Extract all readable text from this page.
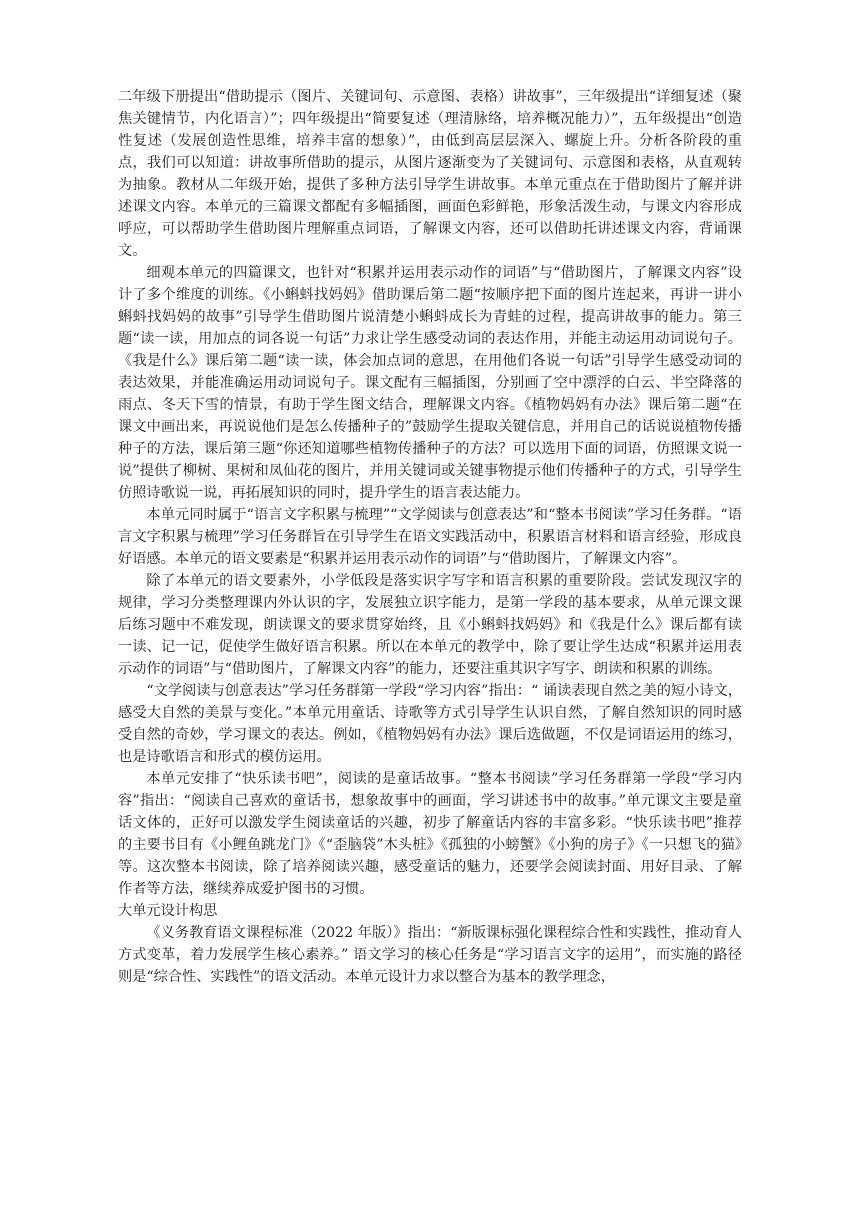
二年级下册提出“借助提示（图片、关键词句、示意图、表格）讲故事”，三年级提出“详细复述（聚焦关键情节，内化语言）”；四年级提出“简要复述（理清脉络，培养概况能力）”，五年级提出“创造性复述（发展创造性思维，培养丰富的想象）”，由低到高层层深入、螺旋上升。分析各阶段的重点，我们可以知道：讲故事所借助的提示，从图片逐渐变为了关键词句、示意图和表格，从直观转为抽象。教材从二年级开始，提供了多种方法引导学生讲故事。本单元重点在于借助图片了解并讲述课文内容。本单元的三篇课文都配有多幅插图，画面色彩鲜艳，形象活泼生动，与课文内容形成呼应，可以帮助学生借助图片理解重点词语，了解课文内容，还可以借助托讲述课文内容，背诵课文。

细观本单元的四篇课文，也针对“积累并运用表示动作的词语”与“借助图片，了解课文内容”设计了多个维度的训练。《小蝌蚪找妈妈》借助课后第二题“按顺序把下面的图片连起来，再讲一讲小蝌蚪找妈妈的故事”引导学生借助图片说清楚小蝌蚪成长为青蛙的过程，提高讲故事的能力。第三题“读一读，用加点的词各说一句话”力求让学生感受动词的表达作用，并能主动运用动词说句子。《我是什么》课后第二题“读一读，体会加点词的意思，在用他们各说一句话”引导学生感受动词的表达效果，并能准确运用动词说句子。课文配有三幅插图，分别画了空中漂浮的白云、半空降落的雨点、冬天下雪的情景，有助于学生图文结合，理解课文内容。《植物妈妈有办法》课后第二题“在课文中画出来，再说说他们是怎么传播种子的”鼓励学生提取关键信息，并用自己的话说说植物传播种子的方法，课后第三题“你还知道哪些植物传播种子的方法？可以选用下面的词语，仿照课文说一说”提供了柳树、果树和凤仙花的图片，并用关键词或关键事物提示他们传播种子的方式，引导学生仿照诗歌说一说，再拓展知识的同时，提升学生的语言表达能力。

本单元同时属于“语言文字积累与梳理”“文学阅读与创意表达”和“整本书阅读”学习任务群。“语言文字积累与梳理”学习任务群旨在引导学生在语文实践活动中，积累语言材料和语言经验，形成良好语感。本单元的语文要素是“积累并运用表示动作的词语”与“借助图片，了解课文内容”。

除了本单元的语文要素外，小学低段是落实识字写字和语言积累的重要阶段。尝试发现汉字的规律，学习分类整理课内外认识的字，发展独立识字能力，是第一学段的基本要求，从单元课文课后练习题中不难发现，朗读课文的要求贯穿始终，且《小蝌蚪找妈妈》和《我是什么》课后都有读一读、记一记，促使学生做好语言积累。所以在本单元的教学中，除了要让学生达成“积累并运用表示动作的词语”与“借助图片，了解课文内容”的能力，还要注重其识字写字、朗读和积累的训练。

“文学阅读与创意表达”学习任务群第一学段“学习内容”指出：“ 诵读表现自然之美的短小诗文，感受大自然的美景与变化。”本单元用童话、诗歌等方式引导学生认识自然，了解自然知识的同时感受自然的奇妙，学习课文的表达。例如，《植物妈妈有办法》课后选做题，不仅是词语运用的练习，也是诗歌语言和形式的模仿运用。

本单元安排了“快乐读书吧”，阅读的是童话故事。“整本书阅读”学习任务群第一学段“学习内容”指出：“阅读自己喜欢的童话书，想象故事中的画面，学习讲述书中的故事。”单元课文主要是童话文体的，正好可以激发学生阅读童话的兴趣，初步了解童话内容的丰富多彩。“快乐读书吧”推荐的主要书目有《小鲤鱼跳龙门》《“歪脑袋”木头桩》《孤独的小螃蟹》《小狗的房子》《一只想飞的猫》等。这次整本书阅读，除了培养阅读兴趣，感受童话的魅力，还要学会阅读封面、用好目录、了解作者等方法，继续养成爱护图书的习惯。

大单元设计构思

《义务教育语文课程标准（2022 年版）》指出：“新版课标强化课程综合性和实践性，推动育人方式变革，着力发展学生核心素养。” 语文学习的核心任务是“学习语言文字的运用”，而实施的路径则是“综合性、实践性”的语文活动。本单元设计力求以整合为基本的教学理念，
